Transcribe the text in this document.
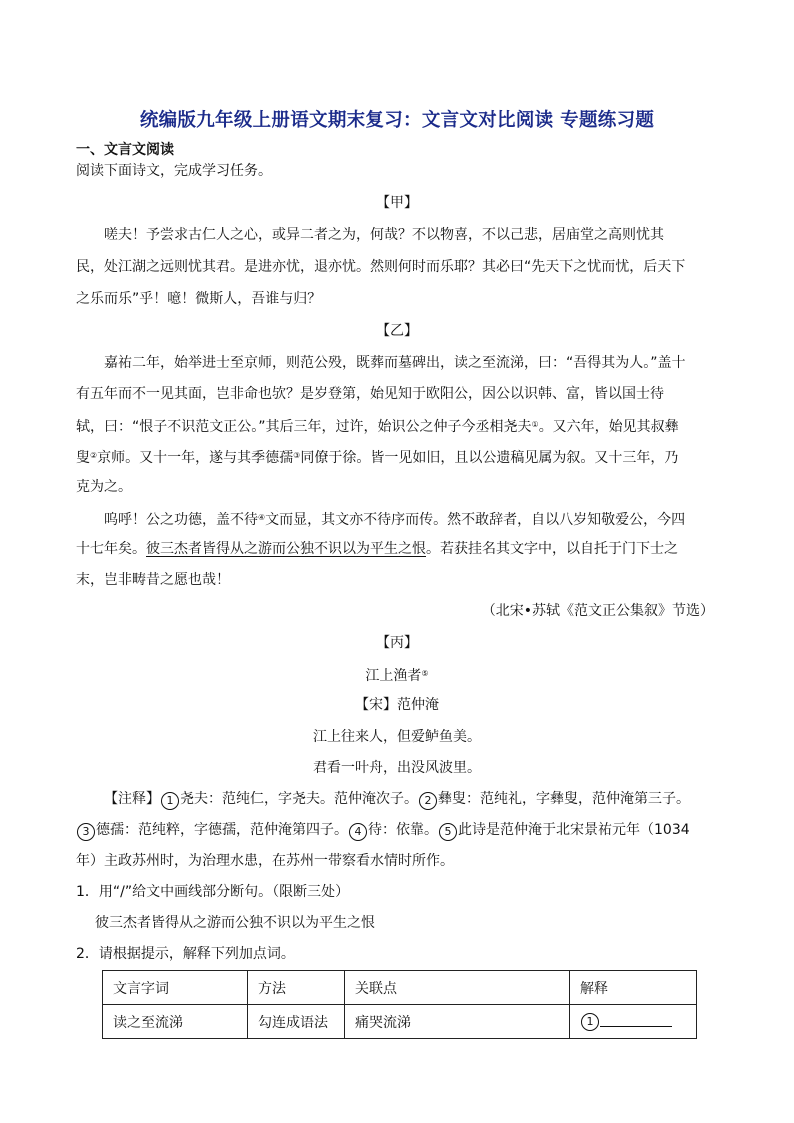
统编版九年级上册语文期末复习：文言文对比阅读 专题练习题
一、文言文阅读
阅读下面诗文，完成学习任务。
【甲】
嗟夫！予尝求古仁人之心，或异二者之为，何哉？不以物喜，不以己悲，居庙堂之高则忧其
民，处江湖之远则忧其君。是进亦忧，退亦忧。然则何时而乐耶？其必曰“先天下之忧而忧，后天下
之乐而乐”乎！噫！微斯人，吾谁与归？
【乙】
嘉祐二年，始举进士至京师，则范公殁，既葬而墓碑出，读之至流涕，曰：“吾得其为人。”盖十
有五年而不一见其面，岂非命也欤？是岁登第，始见知于欧阳公，因公以识韩、富，皆以国士待
轼，曰：“恨子不识范文正公。”其后三年，过许，始识公之仲子今丞相尧夫①。又六年，始见其叔彝
叟②京师。又十一年，遂与其季德孺③同僚于徐。皆一见如旧，且以公遗稿见属为叙。又十三年，乃
克为之。
呜呼！公之功德，盖不待④文而显，其文亦不待序而传。然不敢辞者，自以八岁知敬爱公，今四
十七年矣。彼三杰者皆得从之游而公独不识以为平生之恨。若获挂名其文字中，以自托于门下士之
末，岂非畴昔之愿也哉！
（北宋•苏轼《范文正公集叙》节选）
【丙】
江上渔者⑤
【宋】范仲淹
江上往来人，但爱鲈鱼美。
君看一叶舟，出没风波里。
【注释】 1 尧夫：范纯仁，字尧夫。范仲淹次子。 2 彝叟：范纯礼，字彝叟，范仲淹第三子。
3 德孺：范纯粹，字德孺，范仲淹第四子。 4 待：依靠。 5 此诗是范仲淹于北宋景祐元年（1034
年）主政苏州时，为治理水患，在苏州一带察看水情时所作。
1．用“/”给文中画线部分断句。（限断三处）
彼三杰者皆得从之游而公独不识以为平生之恨
2．请根据提示，解释下列加点词。
文言字词	方法	关联点	解释
读之至流涕	勾连成语法	痛哭流涕	1
